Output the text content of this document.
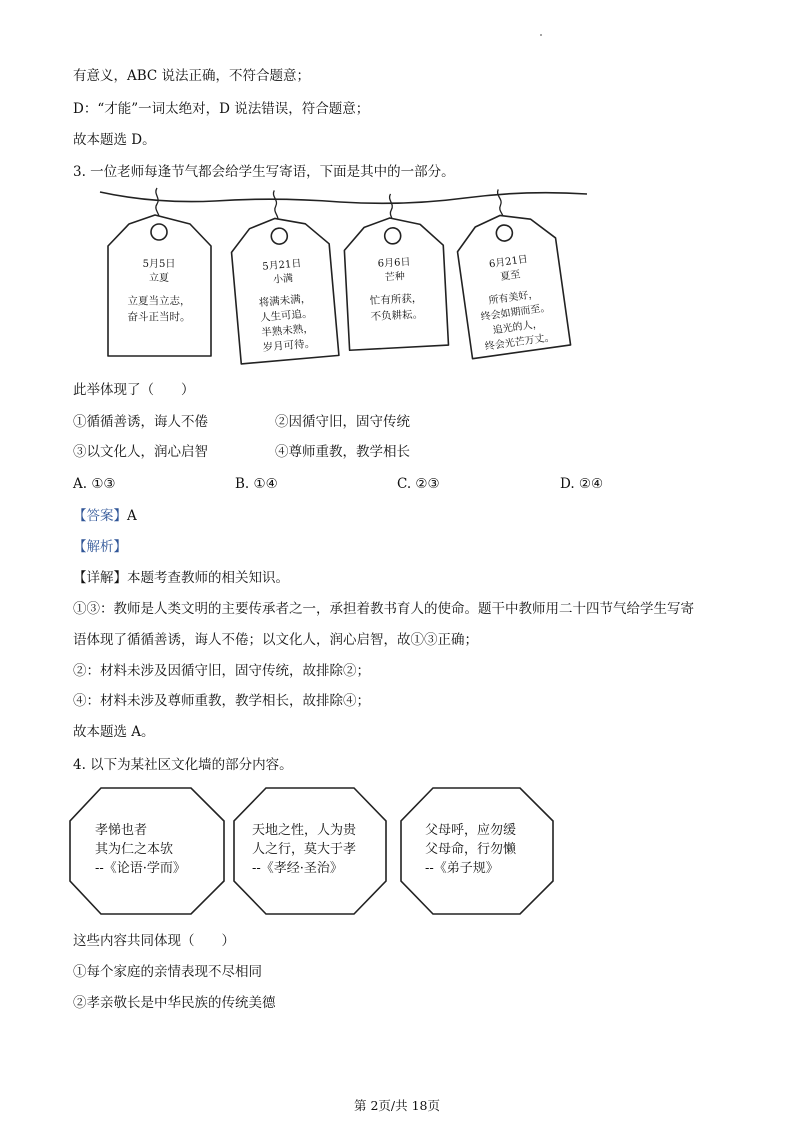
有意义，ABC 说法正确，不符合题意；
D：“才能”一词太绝对，D 说法错误，符合题意；
故本题选 D。
3. 一位老师每逢节气都会给学生写寄语，下面是其中的一部分。
5月5日
立夏
立夏当立志，
奋斗正当时。
5月21日
小满
将满未满，
人生可追。
半熟未熟，
岁月可待。
6月6日
芒种
忙有所获，
不负耕耘。
6月21日
夏至
所有美好，
终会如期而至。
追光的人，
终会光芒万丈。
此举体现了（　　）
①循循善诱，诲人不倦	②因循守旧，固守传统
③以文化人，润心启智	④尊师重教，教学相长
A. ①③	B. ①④	C. ②③	D. ②④
【答案】A
【解析】
【详解】本题考查教师的相关知识。
①③：教师是人类文明的主要传承者之一，承担着教书育人的使命。题干中教师用二十四节气给学生写寄
语体现了循循善诱，诲人不倦；以文化人，润心启智，故①③正确；
②：材料未涉及因循守旧，固守传统，故排除②；
④：材料未涉及尊师重教，教学相长，故排除④；
故本题选 A。
4. 以下为某社区文化墙的部分内容。
孝悌也者
其为仁之本欤
--《论语·学而》
天地之性，人为贵
人之行，莫大于孝
--《孝经·圣治》
父母呼，应勿缓
父母命，行勿懒
--《弟子规》
这些内容共同体现（　　）
①每个家庭的亲情表现不尽相同
②孝亲敬长是中华民族的传统美德
第 2页/共 18页
